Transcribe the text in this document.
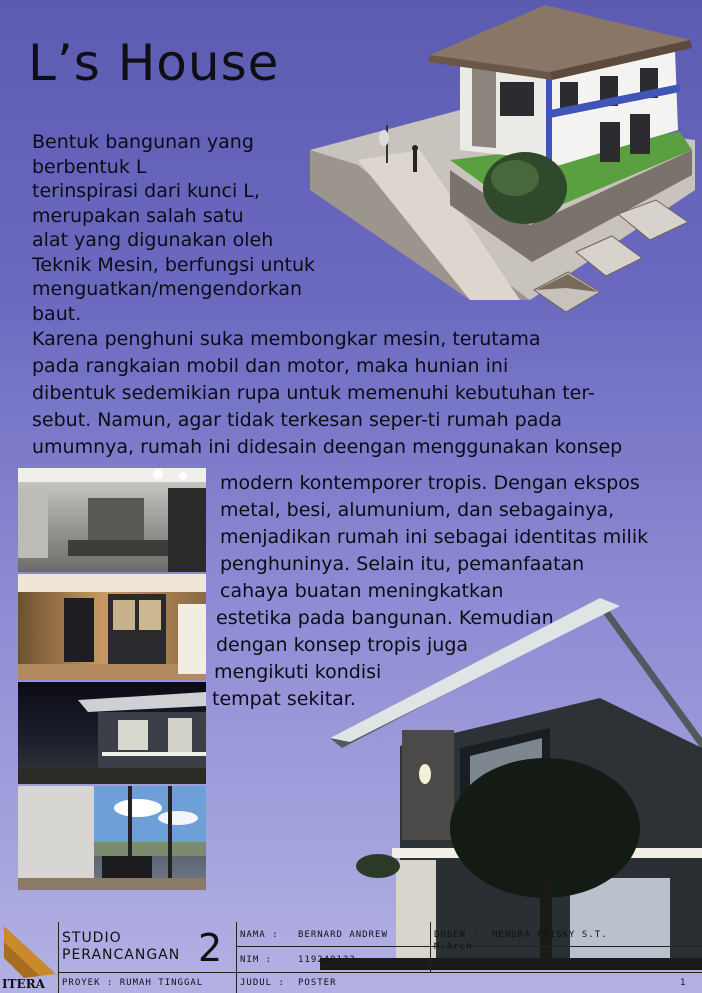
L’s House
Bentuk bangunan yang
berbentuk L
terinspirasi dari kunci L,
merupakan salah satu
alat yang digunakan oleh
Teknik Mesin, berfungsi untuk
menguatkan/mengendorkan baut.
Karena penghuni suka membongkar mesin, terutama
pada rangkaian mobil dan motor, maka hunian ini
dibentuk sedemikian rupa untuk memenuhi kebutuhan ter-
sebut. Namun, agar tidak terkesan seper-ti rumah pada
umumnya, rumah ini didesain deengan menggunakan konsep
modern kontemporer tropis. Dengan ekspos
metal, besi, alumunium, dan sebagainya,
menjadikan rumah ini sebagai identitas milik
penghuninya. Selain itu, pemanfaatan
cahaya buatan meningkatkan
estetika pada bangunan. Kemudian
dengan konsep tropis juga
mengikuti kondisi
tempat sekitar.
ITERA
STUDIO
PERANCANGAN 2
PROYEK : RUMAH TINGGAL
NAMA : BERNARD ANDREW
NIM :	119240133
JUDUL : POSTER
DOSEN : HENDRA FRISKY S.T.
M.Arch
1
